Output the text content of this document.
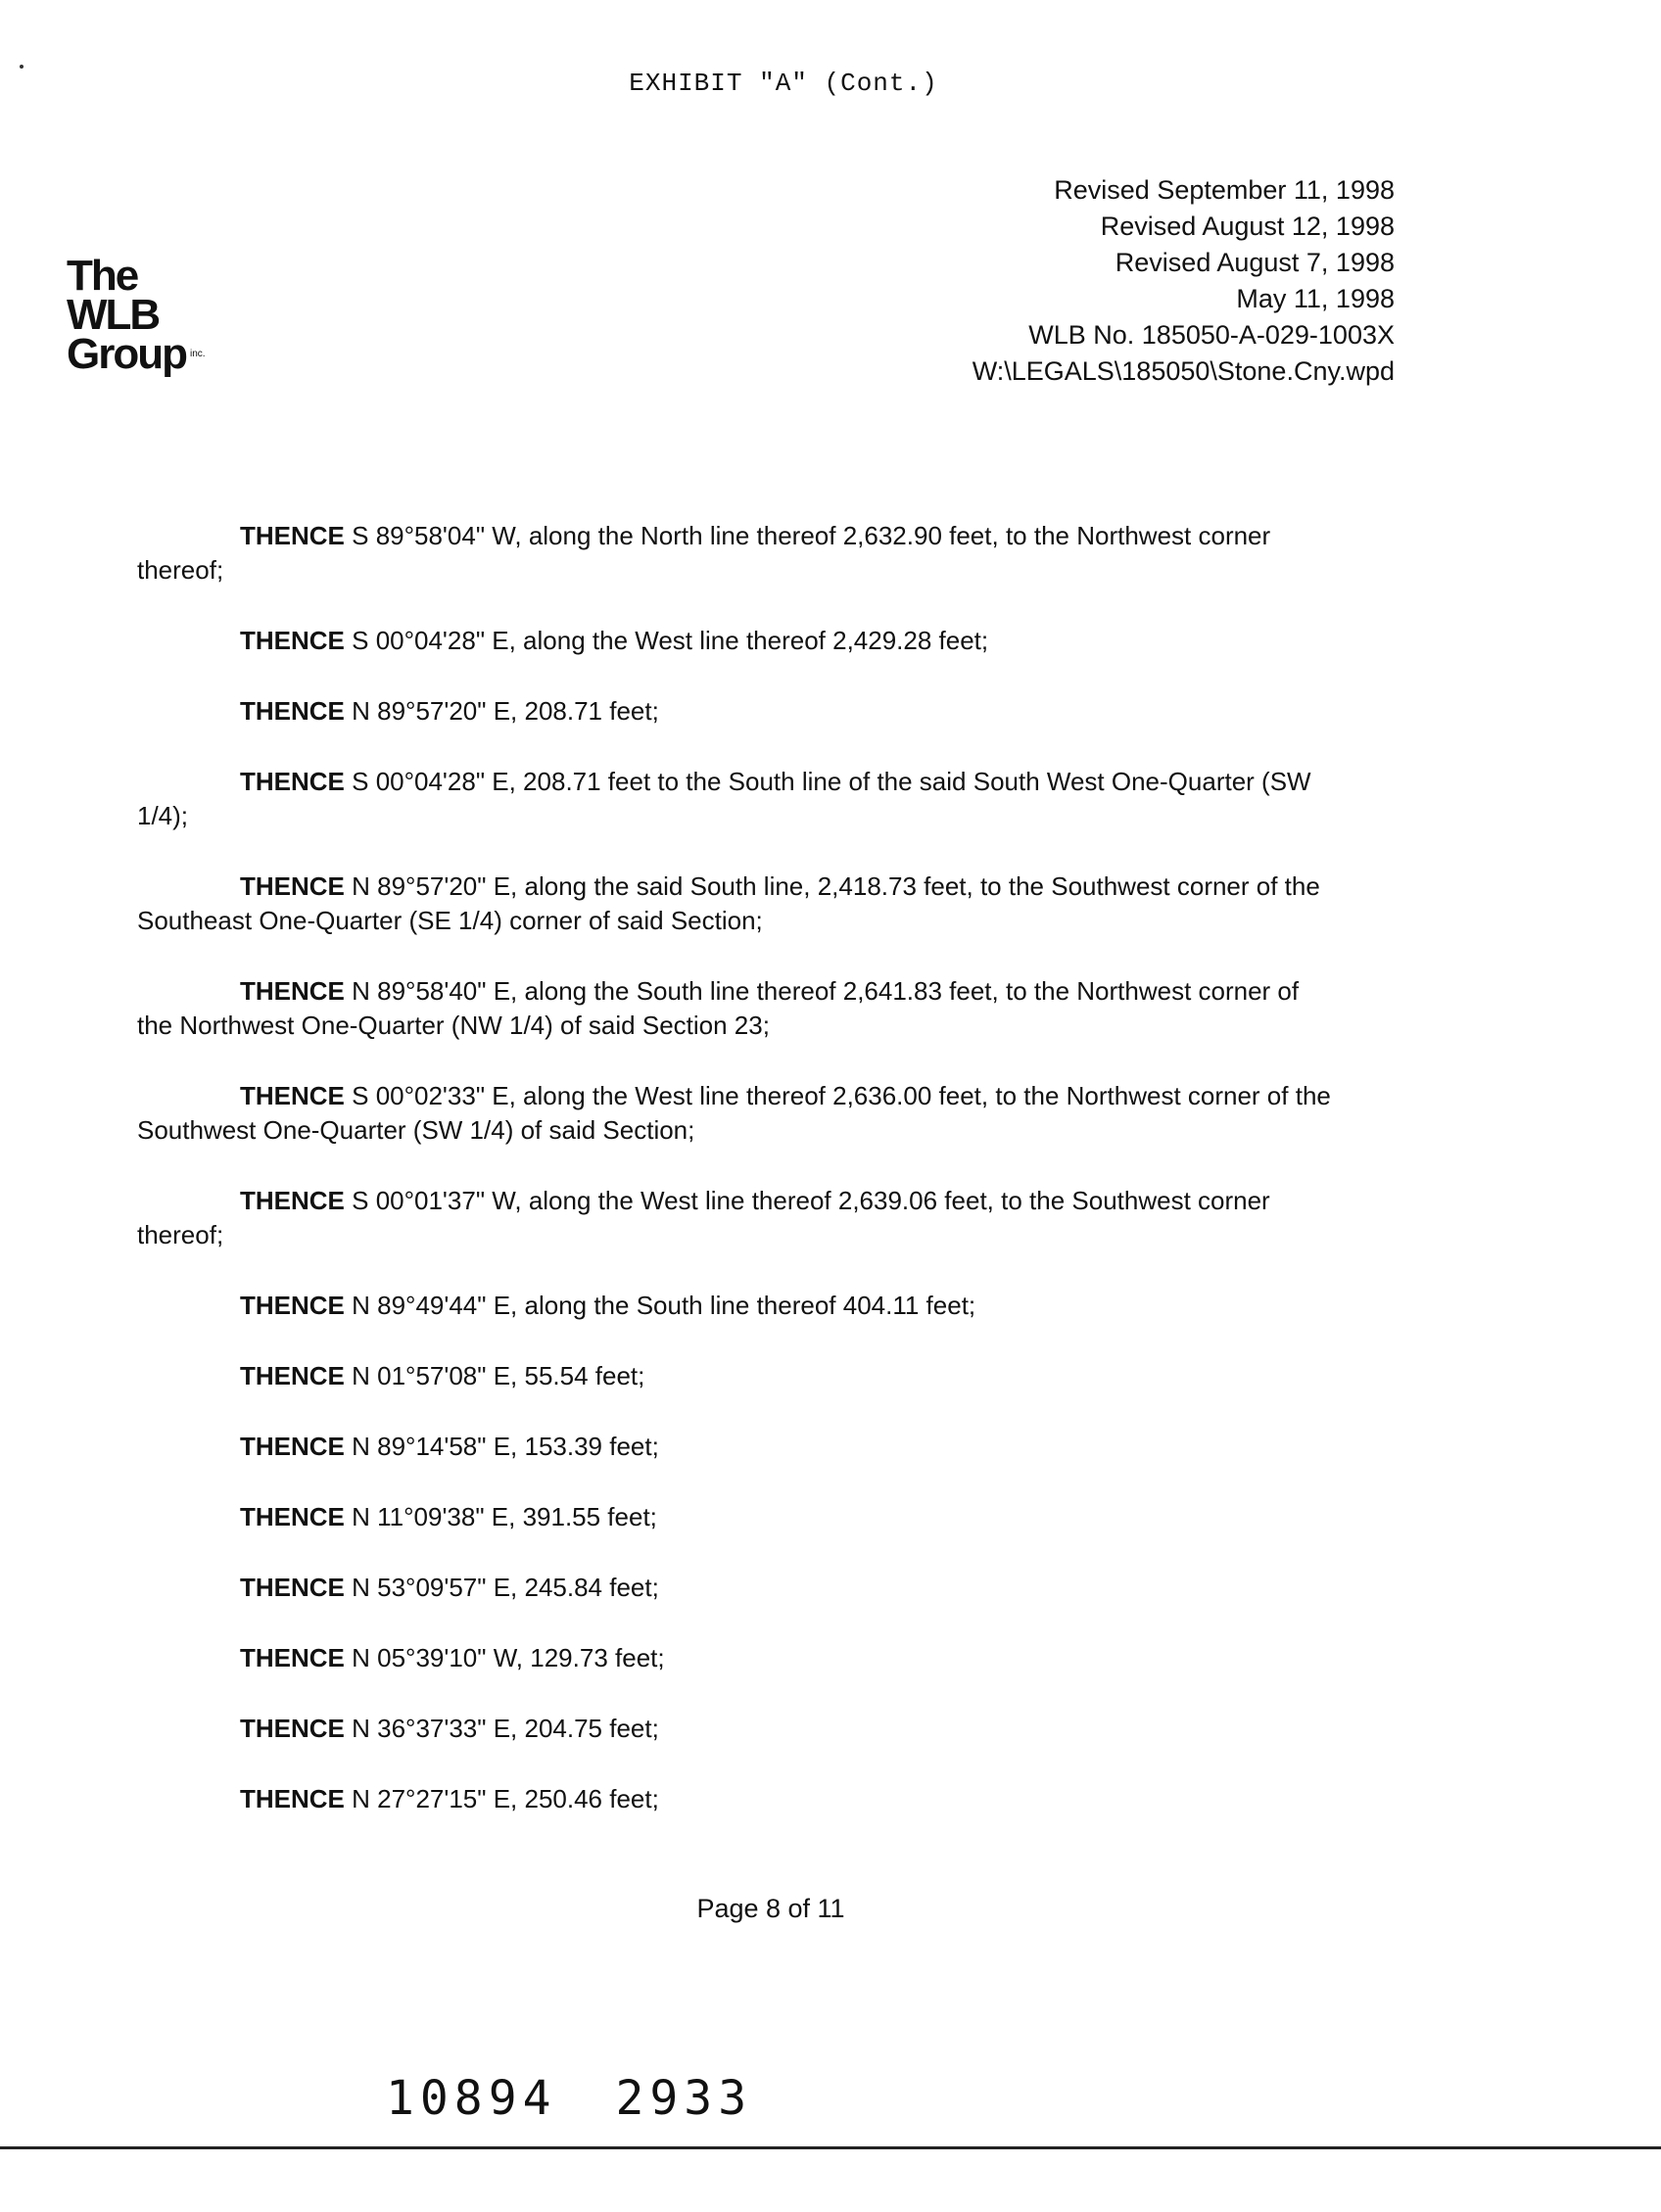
EXHIBIT "A" (Cont.)
The
WLB
Group inc.
Revised September 11, 1998
Revised August 12, 1998
Revised August 7, 1998
May 11, 1998
WLB No. 185050-A-029-1003X
W:\LEGALS\185050\Stone.Cny.wpd

THENCE S 89°58'04" W, along the North line thereof 2,632.90 feet, to the Northwest corner thereof;

THENCE S 00°04'28" E, along the West line thereof 2,429.28 feet;

THENCE N 89°57'20" E, 208.71 feet;

THENCE S 00°04'28" E, 208.71 feet to the South line of the said South West One-Quarter (SW 1/4);

THENCE N 89°57'20" E, along the said South line, 2,418.73 feet, to the Southwest corner of the Southeast One-Quarter (SE 1/4) corner of said Section;

THENCE N 89°58'40" E, along the South line thereof 2,641.83 feet, to the Northwest corner of the Northwest One-Quarter (NW 1/4) of said Section 23;

THENCE S 00°02'33" E, along the West line thereof 2,636.00 feet, to the Northwest corner of the Southwest One-Quarter (SW 1/4) of said Section;

THENCE S 00°01'37" W, along the West line thereof 2,639.06 feet, to the Southwest corner thereof;

THENCE N 89°49'44" E, along the South line thereof 404.11 feet;

THENCE N 01°57'08" E, 55.54 feet;

THENCE N 89°14'58" E, 153.39 feet;

THENCE N 11°09'38" E, 391.55 feet;

THENCE N 53°09'57" E, 245.84 feet;

THENCE N 05°39'10" W, 129.73 feet;

THENCE N 36°37'33" E, 204.75 feet;

THENCE N 27°27'15" E, 250.46 feet;

Page 8 of 11
10894 2933
